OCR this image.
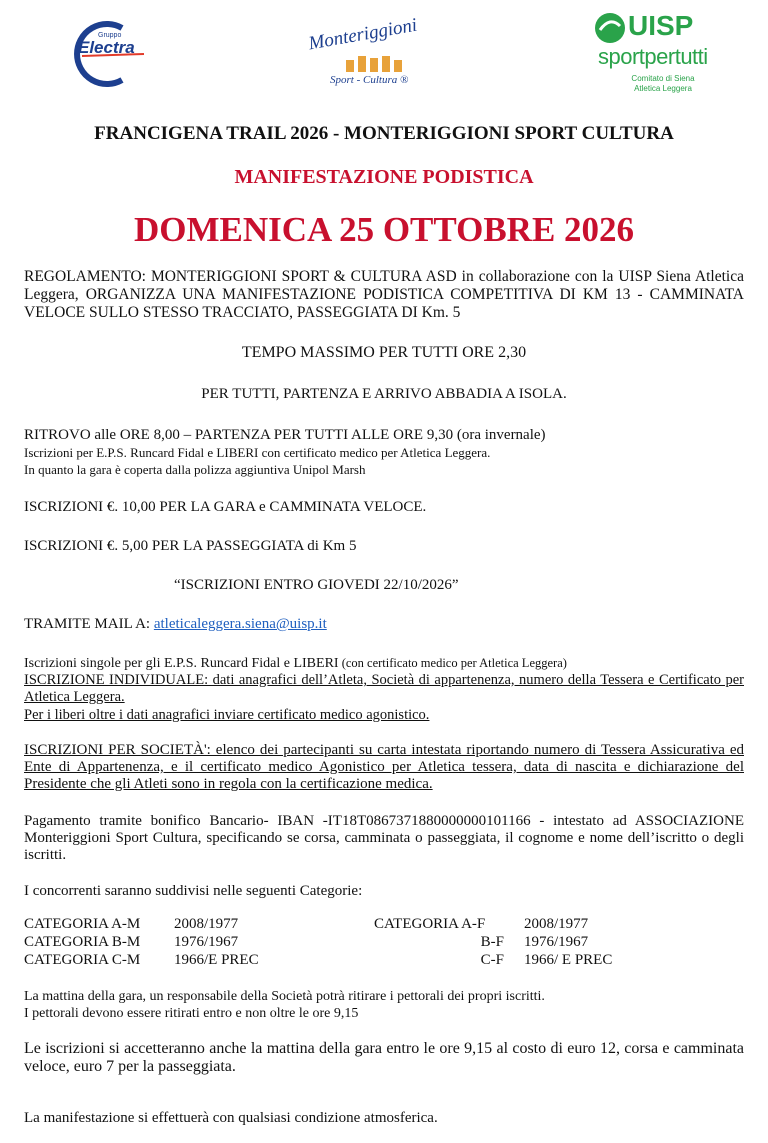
Gruppo
Electra	Monteriggioni
Sport - Cultura ®
UISP
sportpertutti
Comitato di Siena
Atletica Leggera
FRANCIGENA TRAIL 2026 - MONTERIGGIONI SPORT CULTURA
MANIFESTAZIONE PODISTICA
DOMENICA 25 OTTOBRE 2026
REGOLAMENTO: MONTERIGGIONI SPORT & CULTURA ASD in collaborazione con la UISP Siena Atletica Leggera, ORGANIZZA UNA MANIFESTAZIONE PODISTICA COMPETITIVA DI KM 13 - CAMMINATA VELOCE SULLO STESSO TRACCIATO, PASSEGGIATA DI Km. 5
TEMPO MASSIMO PER TUTTI ORE 2,30
PER TUTTI, PARTENZA E ARRIVO ABBADIA A ISOLA.
RITROVO alle ORE 8,00 – PARTENZA PER TUTTI ALLE ORE 9,30 (ora invernale)
Iscrizioni per E.P.S. Runcard Fidal e LIBERI con certificato medico per Atletica Leggera.
In quanto la gara è coperta dalla polizza aggiuntiva Unipol Marsh
ISCRIZIONI €. 10,00 PER LA GARA e CAMMINATA VELOCE.
ISCRIZIONI €. 5,00 PER LA PASSEGGIATA di Km 5
“ISCRIZIONI ENTRO GIOVEDI 22/10/2026”
TRAMITE MAIL A: atleticaleggera.siena@uisp.it
Iscrizioni singole per gli E.P.S. Runcard Fidal e LIBERI (con certificato medico per Atletica Leggera)
ISCRIZIONE INDIVIDUALE: dati anagrafici dell’Atleta, Società di appartenenza, numero della Tessera e Certificato per Atletica Leggera.
Per i liberi oltre i dati anagrafici inviare certificato medico agonistico.
ISCRIZIONI PER SOCIETÀ': elenco dei partecipanti su carta intestata riportando numero di Tessera Assicurativa ed Ente di Appartenenza, e il certificato medico Agonistico per Atletica tessera, data di nascita e dichiarazione del Presidente che gli Atleti sono in regola con la certificazione medica.
Pagamento tramite bonifico Bancario- IBAN -IT18T0867371880000000101166 - intestato ad ASSOCIAZIONE Monteriggioni Sport Cultura, specificando se corsa, camminata o passeggiata, il cognome e nome dell’iscritto o degli iscritti.
I concorrenti saranno suddivisi nelle seguenti Categorie:
CATEGORIA A-M 2008/1977
CATEGORIA B-M 1976/1967
CATEGORIA C-M 1966/E PREC
CATEGORIA A-F	2008/1977
B-F 1976/1967
C-F 1966/ E PREC
La mattina della gara, un responsabile della Società potrà ritirare i pettorali dei propri iscritti.
I pettorali devono essere ritirati entro e non oltre le ore 9,15
Le iscrizioni si accetteranno anche la mattina della gara entro le ore 9,15 al costo di euro 12, corsa e camminata veloce, euro 7 per la passeggiata.
La manifestazione si effettuerà con qualsiasi condizione atmosferica.
